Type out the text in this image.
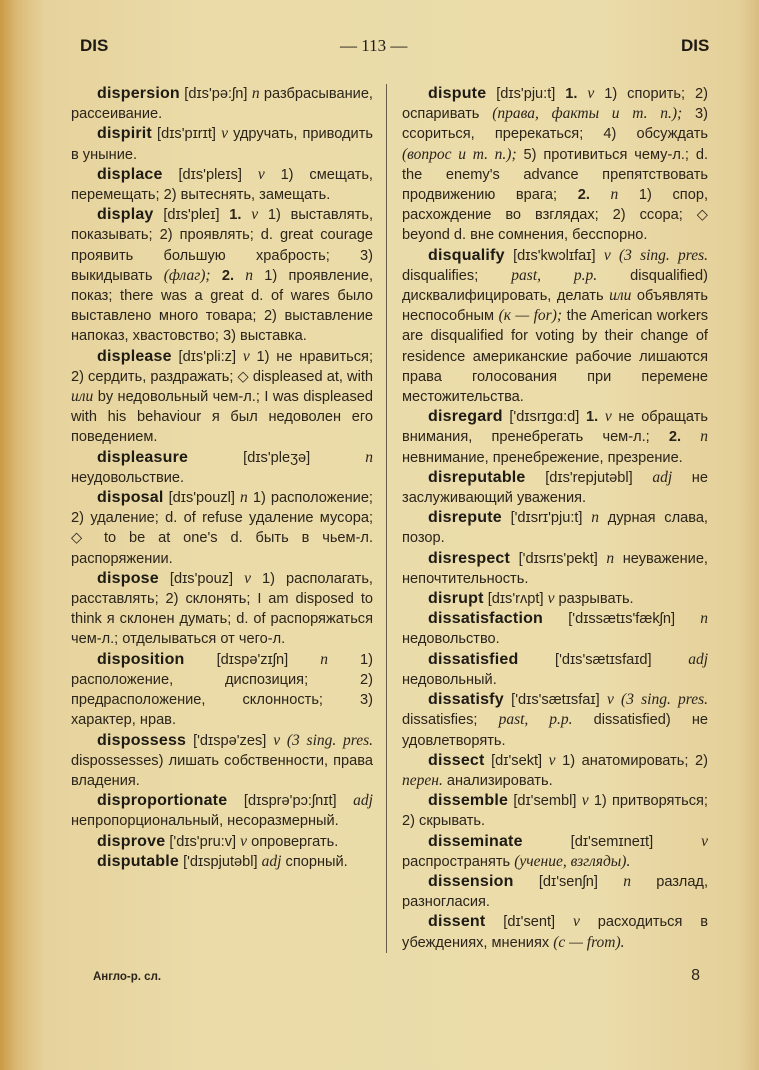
DIS	— 113 —	DIS

dispersion [dɪs'pə:ʃn] n разбрасывание, рассеивание.

dispirit [dɪs'pɪrɪt] v удручать, приводить в уныние.

displace [dɪs'pleɪs] v 1) смещать, перемещать; 2) вытеснять, замещать.

display [dɪs'pleɪ] 1. v 1) выставлять, показывать; 2) проявлять; d. great courage проявить большую храбрость; 3) выкидывать (флаг); 2. n 1) проявление, показ; there was a great d. of wares было выставлено много товара; 2) выставление напоказ, хвастовство; 3) выставка.

displease [dɪs'pli:z] v 1) не нравиться; 2) сердить, раздражать; ◇ displeased at, with или by недовольный чем-л.; I was displeased with his behaviour я был недоволен его поведением.

displeasure	[dɪs'pleʒə] n неудовольствие.

disposal [dɪs'pouzl] n 1) расположение; 2) удаление; d. of refuse удаление мусора; ◇ to be at one's d. быть в чьем-л. распоряжении.

dispose [dɪs'pouz] v 1) располагать, расставлять; 2) склонять; I am disposed to think я склонен думать; d. of распоряжаться чем-л.; отделываться от чего-л.

disposition [dɪspə'zɪʃn] n 1) расположение, диспозиция; 2) предрасположение, склонность; 3) характер, нрав.

dispossess ['dɪspə'zes] v (3 sing. pres. dispossesses) лишать собственности, права владения.

disproportionate [dɪsprə'pɔ:ʃnɪt] adj непропорциональный, несоразмерный.

disprove ['dɪs'pru:v] v опровергать.

disputable ['dɪspjutəbl] adj спорный.

dispute [dɪs'pju:t] 1. v 1) спорить; 2) оспаривать (права, факты и т. п.); 3) ссориться, пререкаться; 4) обсуждать (вопрос и т. п.); 5) противиться чему-л.; d. the enemy's advance препятствовать продвижению врага; 2. n 1) спор, расхождение во взглядах; 2) ссора; ◇ beyond d. вне сомнения, бесспорно.

disqualify [dɪs'kwɔlɪfaɪ] v (3 sing. pres. disqualifies; past, p.p. disqualified) дисквалифицировать, делать или объявлять неспособным (к — for); the American workers are disqualified for voting by their change of residence американские рабочие лишаются права голосования при перемене местожительства.

disregard ['dɪsrɪgɑ:d] 1. v не обращать внимания, пренебрегать чем-л.; 2. n невнимание, пренебрежение, презрение.

disreputable [dɪs'repjutəbl] adj не заслуживающий уважения.

disrepute ['dɪsrɪ'pju:t] n дурная слава, позор.

disrespect ['dɪsrɪs'pekt] n неуважение, непочтительность.

disrupt [dɪs'rʌpt] v разрывать.

dissatisfaction ['dɪssætɪs'fækʃn] n недовольство.

dissatisfied	['dɪs'sætɪsfaɪd] adj недовольный.

dissatisfy ['dɪs'sætɪsfaɪ] v (3 sing. pres. dissatisfies; past, p.p. dissatisfied) не удовлетворять.

dissect [dɪ'sekt] v 1) анатомировать; 2) перен. анализировать.

dissemble [dɪ'sembl] v 1) притворяться; 2) скрывать.

disseminate	[dɪ'semɪneɪt] v распространять (учение, взгляды).

dissension [dɪ'senʃn] n разлад, разногласия.

dissent [dɪ'sent] v расходиться в убеждениях, мнениях (с — from).

Англо-р. сл.	8
